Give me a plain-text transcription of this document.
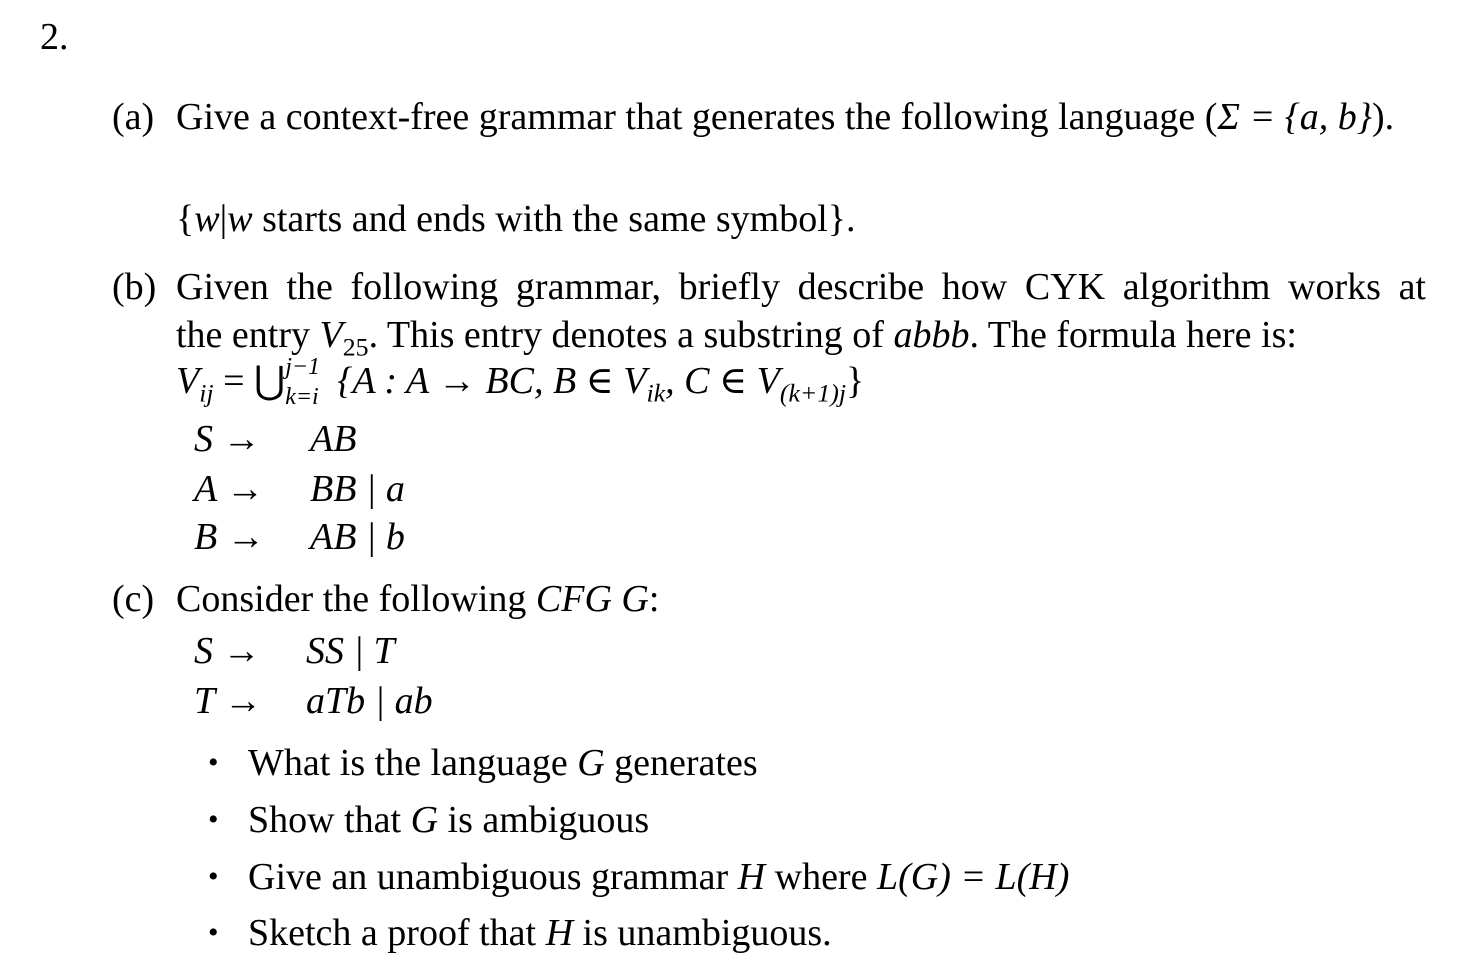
2.
(a) Give a context-free grammar that generates the following language (Σ = {a, b}).
{w|w starts and ends with the same symbol}.
(b) Given the following grammar, briefly describe how CYK algorithm works at
the entry $V_{25}$. This entry denotes a substring of abbb. The formula here is:
$V_{ij}$ = ⋃ j−1
k=i {A : A → BC, B ∈ $V_{ik}$, C ∈ $V_{(k+1)j}$}
S → AB
A → BB | a
B → AB | b
(c) Consider the following CFG G:
S → SS | T
T → aTb | ab
• What is the language G generates
• Show that G is ambiguous
• Give an unambiguous grammar H where L(G) = L(H)
• Sketch a proof that H is unambiguous.
